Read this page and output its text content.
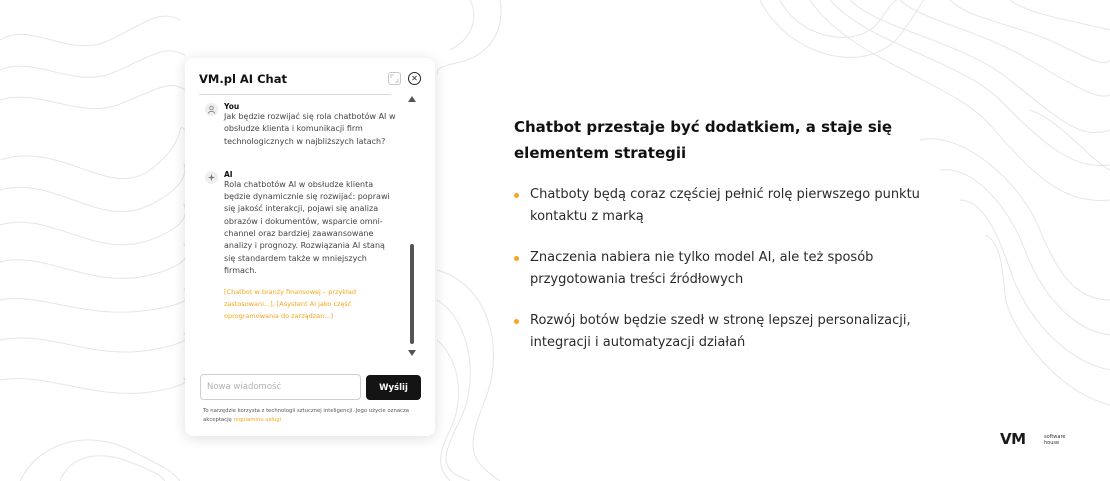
VM.pl AI Chat	✕
You
Jak będzie rozwijać się rola chatbotów AI w obsłudze klienta i komunikacji firm technologicznych w najbliższych latach?
AI
Rola chatbotów AI w obsłudze klienta będzie dynamicznie się rozwijać: poprawi się jakość interakcji, pojawi się analiza obrazów i dokumentów, wsparcie omni-channel oraz bardziej zaawansowane analizy i prognozy. Rozwiązania AI staną się standardem także w mniejszych firmach.
[Chatbot w branży finansowej – przykład zastosowani...], [Asystent AI jako część oprogramowania do zarządzan...]
Nowa wiadomość
Wyślij
To narzędzie korzysta z technologii sztucznej inteligencji. Jego użycie oznacza akceptację regulaminu usługi
Chatbot przestaje być dodatkiem, a staje się elementem strategii
Chatboty będą coraz częściej pełnić rolę pierwszego punktu kontaktu z marką
Znaczenia nabiera nie tylko model AI, ale też sposób przygotowania treści źródłowych
Rozwój botów będzie szedł w stronę lepszej personalizacji, integracji i automatyzacji działań
VM	software
house
